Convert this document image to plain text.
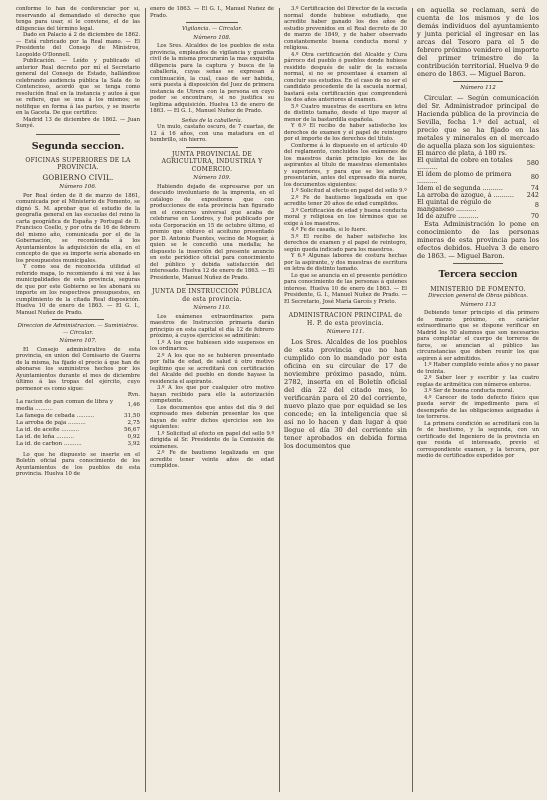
conforme lo han de conferenciar por sí, reservando al demandado el derecho que tenga para usar, si le conviene, el de las diligencias del término legal.

Dado en Palacio á 2 de diciembre de 1862. — Está rubricado por la Real mano. — El Presidente del Consejo de Ministros, Leopoldo O'Donnell.

Publicación. — Leído y publicado el anterior Real decreto por mí el Secretario general del Consejo de Estado, hallándose celebrando audiencia pública la Sala de lo Contencioso, acordó que se tenga como resolución final en la instancia y autos á que se refiere, que se una á los mismos; se notifique en forma á las partes, y se inserte en la Gaceta. De que certifico:

Madrid 13 de diciembre de 1862. — Juan Sunyé.

Segunda seccion.
OFICINAS SUPERIORES DE LA PROVINCIA.
GOBIERNO CIVIL.
Número 106.

Por Real órden de 8 de marzo de 1861, comunicada por el Ministerio de Fomento, se dignó S. M. aprobar que el estudio de la geografía general en las escuelas del reino la carta geográfica de España y Portugal de D. Francisco Coello, y por otra de 16 de febrero del mismo año, comunicada por el de la Gobernación, se recomienda á los Ayuntamientos la adquisición de ella, en el concepto de que su importe sería abonado en los presupuestos municipales.

Y como sea de reconocida utilidad el referido mapa, lo recomiendo á mi vez á las municipalidades de esta provincia, seguras de que por este Gobierno se les abonará su importe en los respectivos presupuestos, en cumplimiento de la citada Real disposición. Huelva 10 de enero de 1863. — El G. I., Manuel Nuñez de Prado.

Direccion de Administracion. — Suministros. — Circular.
Número 107.

El Consejo administrativo de esta provincia, en union del Comisario de Guerra de la misma, ha fijado el precio á que han de abonarse los suministros hechos por los Ayuntamientos durante el mes de diciembre último á las tropas del ejército, cuyo pormenor es como sigue:

Rvn.
La racion de pan comun de libra y media ..........	1,46
La fanega de cebada ..........	31,50
La arroba de paja ..........	2,75
La id. de aceite ..........	56,67
La id. de leña ..........	0,92
La id. de carbon ..........	3,92

Lo que he dispuesto se inserte en el Boletín oficial para conocimiento de los Ayuntamientos de los pueblos de esta provincia. Huelva 10 de

enero de 1863. — El G. I., Manuel Nuñez de Prado.

Vigilancia. — Circular.
Número 108.

Los Sres. Alcaldes de los pueblos de esta provincia, empleados de vigilancia y guardia civil de la misma procurarán la mas exquisita diligencia para la captura y busca de la caballería, cuyas señas se expresan á continuación, la cual, caso de ser habida, será puesta á disposición del Juez de primera instancia de Utrera con la persona en cuyo poder se encontrare, si no justifica su legítima adquisición. Huelva 13 de enero de 1863. — El G. I., Manuel Nuñez de Prado.

Señas de la caballería.

Un mulo, castaño oscuro, de 7 cuartas, de 12 á 16 años, con una matadura en el hombrillo, sin hierro.

JUNTA PROVINCIAL DE AGRICULTURA, INDUSTRIA Y COMERCIO.
Número 109.

Habiendo dejado de expresarse por un descuido involuntario de la imprenta, en el catálogo de expositores que con producciones de esta provincia han figurado en el concurso universal que acaba de celebrarse en Londres, y fué publicado por esta Corporación en 15 de octubre último, el premio que obtuvo el aceituno presentado por D. Antonio Fuentes, vecino de Moguer, á quien se le concedió una medalla; he dispuesto la inserción del presente anuncio en este periódico oficial para conocimiento del público y debida satisfacción del interesado. Huelva 12 de enero de 1863. — El Presidente, Manuel Nuñez de Prado.

JUNTA DE INSTRUCCION PÚBLICA de esta provincia.
Número 110.

Los exámenes extraordinarios para maestros de Instrucción primaria darán principio en esta capital el día 12 de febrero próximo, á cuyos ejercicios se admitirán:

1.º A los que hubiesen sido suspensos en los ordinarios.

2.º A los que no se hubieren presentado por falta de edad, de salud ú otro motivo legítimo que se acreditará con certificación del Alcalde del pueblo en donde hayase la residencia el aspirante.

3.º A los que por cualquier otro motivo hayan recibido para ello la autorización competente.

Los documentos que antes del día 9 del expresado mes deberán presentar los que hayan de sufrir dichos ejercicios son los siguientes:

1.º Solicitud al efecto en papel del sello 9.º dirigida al Sr. Presidente de la Comisión de exámenes.

2.º Fe de bautismo legalizada en que acredite tener veinte años de edad cumplidos.

3.º Certificación del Director de la escuela normal donde hubiese estudiado, que acredite haber ganado los dos años de estudio prevenidos en el Real decreto de 30 de marzo de 1849, y de haber observado constantemente buena conducta moral y religiosa.

4.º Otra certificación del Alcalde y Cura párroco del pueblo ó pueblos donde hubiese residido después de salir de la escuela normal, si no se presentase á examen al concluir sus estudios. En el caso de no ser el candidato procedente de la escuela normal, bastará esta certificación que comprenderá los dos años anteriores al examen.

5.º Cuatro muestras de escritura en letra de distinto tamaño, desde el tipo mayor al menor de la bastardilla española.

Y 6.º El recibo de haber satisfecho los derechos de examen y el papel de reintegro por el importe de los derechos del título.

Conforme á lo dispuesto en el artículo 40 del reglamento, concluidos los exámenes de los maestros darán principio los de las aspirantes al título de maestras elementales y superiores, y para que se les admita presentarán, antes del expresado día nueve, los documentos siguientes:

1.º Solicitud al efecto en papel del sello 9.º

2.º Fe de bautismo legalizada en que acredite tener 20 años de edad cumplidos.

3.º Certificación de edad y buena conducta moral y religiosa en los términos que se exige á los maestros.

4.º Fe de casada, si lo fuere.

5.º El recibo de haber satisfecho los derechos de examen y el papel de reintegro, según queda indicado para los maestros.

Y 6.º Algunas labores de costura hechas por la aspirante, y dos muestras de escritura en letra de distinto tamaño.

Lo que se anuncia en el presente periódico para conocimiento de las personas á quienes interese. Huelva 10 de enero de 1863. — El Presidente, G. I., Manuel Nuñez de Prado. — El Secretario, José María Garcés y Prieto.

ADMINISTRACION PRINCIPAL de H. P. de esta provincia.
Número 111.

Los Sres. Alcaldes de los pueblos de esta provincia que no han cumplido con lo mandado por esta oficina en su circular de 17 de noviembre próximo pasado, núm. 2782, inserta en el Boletín oficial del día 22 del citado mes, lo verificarán para el 20 del corriente, nuevo plazo que por equidad se les concede; en la inteligencia que si así no lo hacen y dan lugar á que llegue el día 30 del corriente sin tener aprobados en debida forma los documentos que

en aquella se reclaman, será de cuenta de los mismos y de los demás individuos del ayuntamiento y junta pericial el ingresar en las arcas del Tesoro para el 5 de febrero próximo venidero el importe del primer trimestre de la contribución territorial. Huelva 9 de enero de 1863. — Miguel Baron.

Número 112

Circular. — Según comunicación del Sr. Administrador principal de Hacienda pública de la provincia de Sevilla, fecha 1.º del actual, el precio que se ha fijado en las metales y minerales en el mercado de aquella plaza son los siguientes:

El marco de plata, á 180 rs.	
El quintal de cobre en totales ..........	580
El ídem de plomo de primera ..........	80
Idem el de segunda ..........	74
La arroba de azogue, á ..........	242
El quintal de régulo de manganeso ..........	8
Id de azufre ..........	70

Esta Administración lo pone en conocimiento de las personas mineras de esta provincia para los efectos debidos. Huelva 3 de enero de 1863. — Miguel Baron.

Tercera seccion
MINISTERIO DE FOMENTO.
Direccion general de Obras públicas.
Número 113

Debiendo tener principio el día primero de marzo próximo, en carácter extraordinario que se dispone verificar en Madrid los 50 alumnos que son necesarios para completar el cuerpo de torreros de faros, se anuncian al público las circunstancias que deben reunir los que aspiren á ser admitidos.

1.º Haber cumplido veinte años y no pasar de treinta.

2.º Saber leer y escribir y las cuatro reglas de aritmética con números enteros.

3.º Ser de buena conducta moral.

4.º Carecer de todo defecto físico que pueda servir de impedimento para el desempeño de las obligaciones asignadas á los torreros.

La primera condición se acreditará con la fe de bautismo, y la segunda, con un certificado del Ingeniero de la provincia en que resida el interesado, previo el correspondiente examen, y la tercera, por medio de certificados expedidos por
